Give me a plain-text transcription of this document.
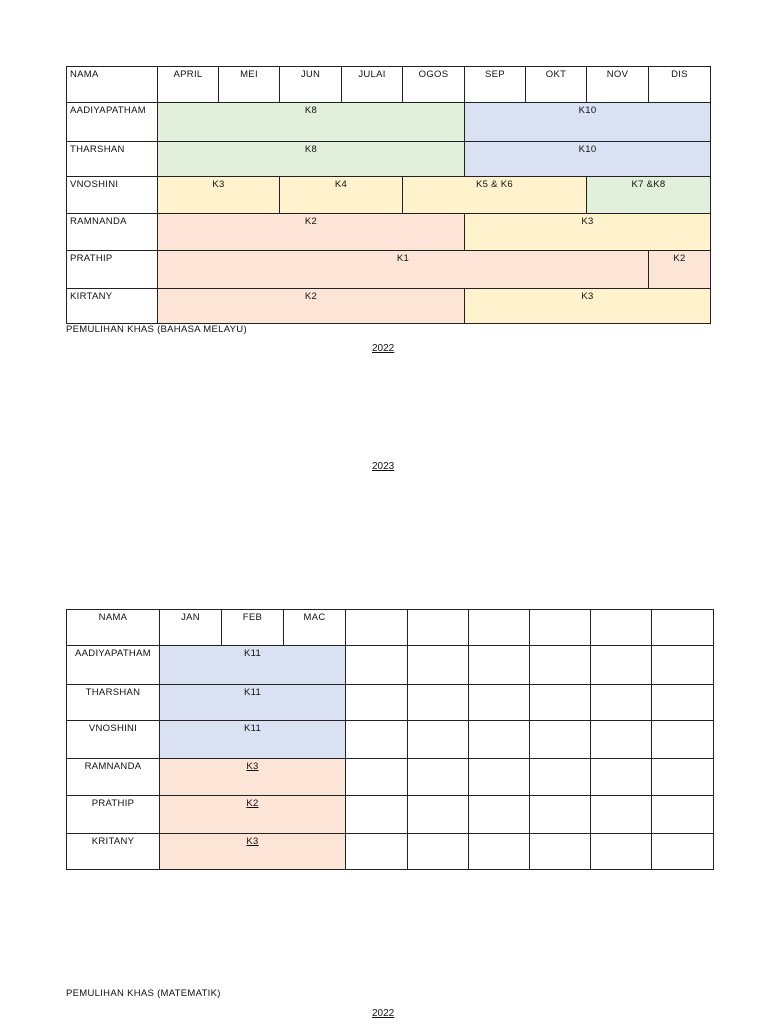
NAMA	APRIL	MEI	JUN	JULAI	OGOS	SEP	OKT	NOV	DIS
AADIYAPATHAM	K8					K10			
THARSHAN	K8					K10			
VNOSHINI	K3		K4		K5 & K6			K7 &K8	
RAMNANDA	K2					K3			
PRATHIP	K1								K2
KIRTANY	K2					K3			
PEMULIHAN KHAS (BAHASA MELAYU)
2022
2023
NAMA	JAN	FEB	MAC						
AADIYAPATHAM	K11								
THARSHAN	K11								
VNOSHINI	K11								
RAMNANDA	K3								
PRATHIP	K2								
KRITANY	K3								
PEMULIHAN KHAS (MATEMATIK)
2022
